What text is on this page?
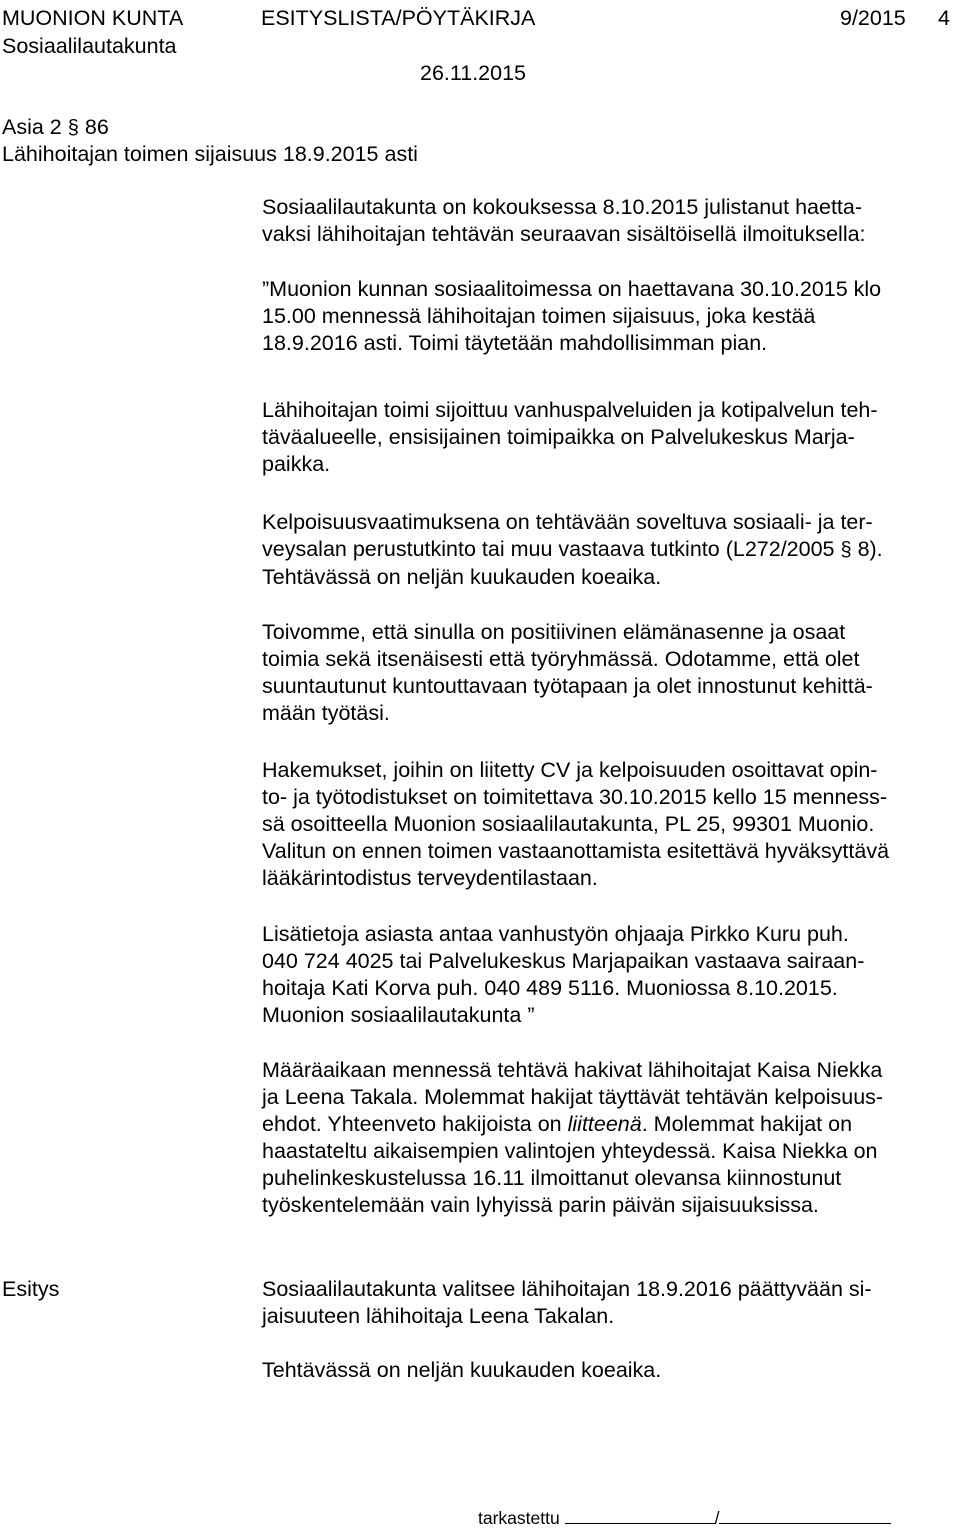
MUONION KUNTA	ESITYSLISTA/PÖYTÄKIRJA	9/2015 4
Sosiaalilautakunta
26.11.2015
Asia 2 § 86
Lähihoitajan toimen sijaisuus 18.9.2015 asti
Sosiaalilautakunta on kokouksessa 8.10.2015 julistanut haetta-
vaksi lähihoitajan tehtävän seuraavan sisältöisellä ilmoituksella:
”Muonion kunnan sosiaalitoimessa on haettavana 30.10.2015 klo
15.00 mennessä lähihoitajan toimen sijaisuus, joka kestää
18.9.2016 asti. Toimi täytetään mahdollisimman pian.
Lähihoitajan toimi sijoittuu vanhuspalveluiden ja kotipalvelun teh-
täväalueelle, ensisijainen toimipaikka on Palvelukeskus Marja-
paikka.
Kelpoisuusvaatimuksena on tehtävään soveltuva sosiaali- ja ter-
veysalan perustutkinto tai muu vastaava tutkinto (L272/2005 § 8).
Tehtävässä on neljän kuukauden koeaika.
Toivomme, että sinulla on positiivinen elämänasenne ja osaat
toimia sekä itsenäisesti että työryhmässä. Odotamme, että olet
suuntautunut kuntouttavaan työtapaan ja olet innostunut kehittä-
mään työtäsi.
Hakemukset, joihin on liitetty CV ja kelpoisuuden osoittavat opin-
to- ja työtodistukset on toimitettava 30.10.2015 kello 15 menness-
sä osoitteella Muonion sosiaalilautakunta, PL 25, 99301 Muonio.
Valitun on ennen toimen vastaanottamista esitettävä hyväksyttävä
lääkärintodistus terveydentilastaan.
Lisätietoja asiasta antaa vanhustyön ohjaaja Pirkko Kuru puh.
040 724 4025 tai Palvelukeskus Marjapaikan vastaava sairaan-
hoitaja Kati Korva puh. 040 489 5116. Muoniossa 8.10.2015.
Muonion sosiaalilautakunta ”
Määräaikaan mennessä tehtävä hakivat lähihoitajat Kaisa Niekka
ja Leena Takala. Molemmat hakijat täyttävät tehtävän kelpoisuus-
ehdot. Yhteenveto hakijoista on liitteenä. Molemmat hakijat on
haastateltu aikaisempien valintojen yhteydessä. Kaisa Niekka on
puhelinkeskustelussa 16.11 ilmoittanut olevansa kiinnostunut
työskentelemään vain lyhyissä parin päivän sijaisuuksissa.
Esitys	Sosiaalilautakunta valitsee lähihoitajan 18.9.2016 päättyvään si-
jaisuuteen lähihoitaja Leena Takalan.
Tehtävässä on neljän kuukauden koeaika.
tarkastettu	/
